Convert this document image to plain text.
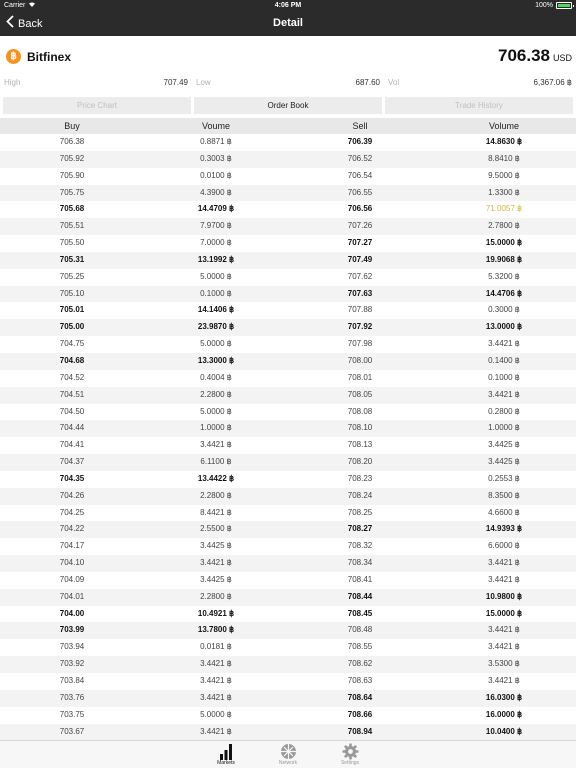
Carrier	4:06 PM	100%
Back	Detail
฿ Bitfinex	706.38 USD
High	707.49 Low	687.60 Vol	6,367.06 ฿
Price Chart	Order Book	Trade History
Buy	Voume	Sell	Volume
706.38	0.8871 ฿	706.39	14.8630 ฿
705.92	0.3003 ฿	706.52	8.8410 ฿
705.90	0.0100 ฿	706.54	9.5000 ฿
705.75	4.3900 ฿	706.55	1.3300 ฿
705.68	14.4709 ฿	706.56	71.0057 ฿
705.51	7.9700 ฿	707.26	2.7800 ฿
705.50	7.0000 ฿	707.27	15.0000 ฿
705.31	13.1992 ฿	707.49	19.9068 ฿
705.25	5.0000 ฿	707.62	5.3200 ฿
705.10	0.1000 ฿	707.63	14.4706 ฿
705.01	14.1406 ฿	707.88	0.3000 ฿
705.00	23.9870 ฿	707.92	13.0000 ฿
704.75	5.0000 ฿	707.98	3.4421 ฿
704.68	13.3000 ฿	708.00	0.1400 ฿
704.52	0.4004 ฿	708.01	0.1000 ฿
704.51	2.2800 ฿	708.05	3.4421 ฿
704.50	5.0000 ฿	708.08	0.2800 ฿
704.44	1.0000 ฿	708.10	1.0000 ฿
704.41	3.4421 ฿	708.13	3.4425 ฿
704.37	6.1100 ฿	708.20	3.4425 ฿
704.35	13.4422 ฿	708.23	0.2553 ฿
704.26	2.2800 ฿	708.24	8.3500 ฿
704.25	8.4421 ฿	708.25	4.6600 ฿
704.22	2.5500 ฿	708.27	14.9393 ฿
704.17	3.4425 ฿	708.32	6.6000 ฿
704.10	3.4421 ฿	708.34	3.4421 ฿
704.09	3.4425 ฿	708.41	3.4421 ฿
704.01	2.2800 ฿	708.44	10.9800 ฿
704.00	10.4921 ฿	708.45	15.0000 ฿
703.99	13.7800 ฿	708.48	3.4421 ฿
703.94	0.0181 ฿	708.55	3.4421 ฿
703.92	3.4421 ฿	708.62	3.5300 ฿
703.84	3.4421 ฿	708.63	3.4421 ฿
703.76	3.4421 ฿	708.64	16.0300 ฿
703.75	5.0000 ฿	708.66	16.0000 ฿
703.67	3.4421 ฿	708.94	10.0400 ฿
Markets	Network	Settings
